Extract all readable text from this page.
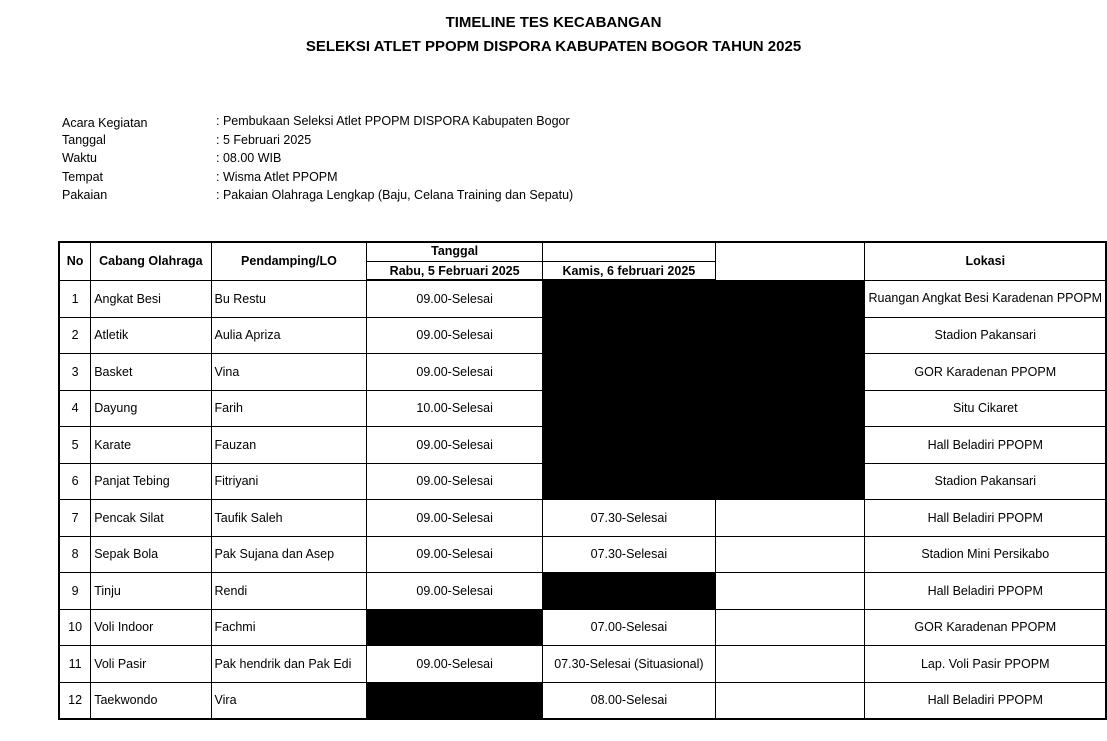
TIMELINE TES KECABANGAN
SELEKSI ATLET PPOPM DISPORA KABUPATEN BOGOR TAHUN 2025
Acara Kegiatan	: Pembukaan Seleksi Atlet PPOPM DISPORA Kabupaten Bogor
Tanggal	: 5 Februari 2025
Waktu	: 08.00 WIB
Tempat	: Wisma Atlet PPOPM
Pakaian	: Pakaian Olahraga Lengkap (Baju, Celana Training dan Sepatu)
No	Cabang Olahraga	Pendamping/LO	Tanggal			Lokasi
			Rabu, 5 Februari 2025	Kamis, 6 februari 2025		
1	Angkat Besi	Bu Restu	09.00-Selesai			Ruangan Angkat Besi Karadenan PPOPM
2	Atletik	Aulia Apriza	09.00-Selesai			Stadion Pakansari
3	Basket	Vina	09.00-Selesai			GOR Karadenan PPOPM
4	Dayung	Farih	10.00-Selesai			Situ Cikaret
5	Karate	Fauzan	09.00-Selesai			Hall Beladiri PPOPM
6	Panjat Tebing	Fitriyani	09.00-Selesai			Stadion Pakansari
7	Pencak Silat	Taufik Saleh	09.00-Selesai	07.30-Selesai		Hall Beladiri PPOPM
8	Sepak Bola	Pak Sujana dan Asep	09.00-Selesai	07.30-Selesai		Stadion Mini Persikabo
9	Tinju	Rendi	09.00-Selesai			Hall Beladiri PPOPM
10	Voli Indoor	Fachmi		07.00-Selesai		GOR Karadenan PPOPM
11	Voli Pasir	Pak hendrik dan Pak Edi	09.00-Selesai	07.30-Selesai (Situasional)		Lap. Voli Pasir PPOPM
12	Taekwondo	Vira		08.00-Selesai		Hall Beladiri PPOPM
